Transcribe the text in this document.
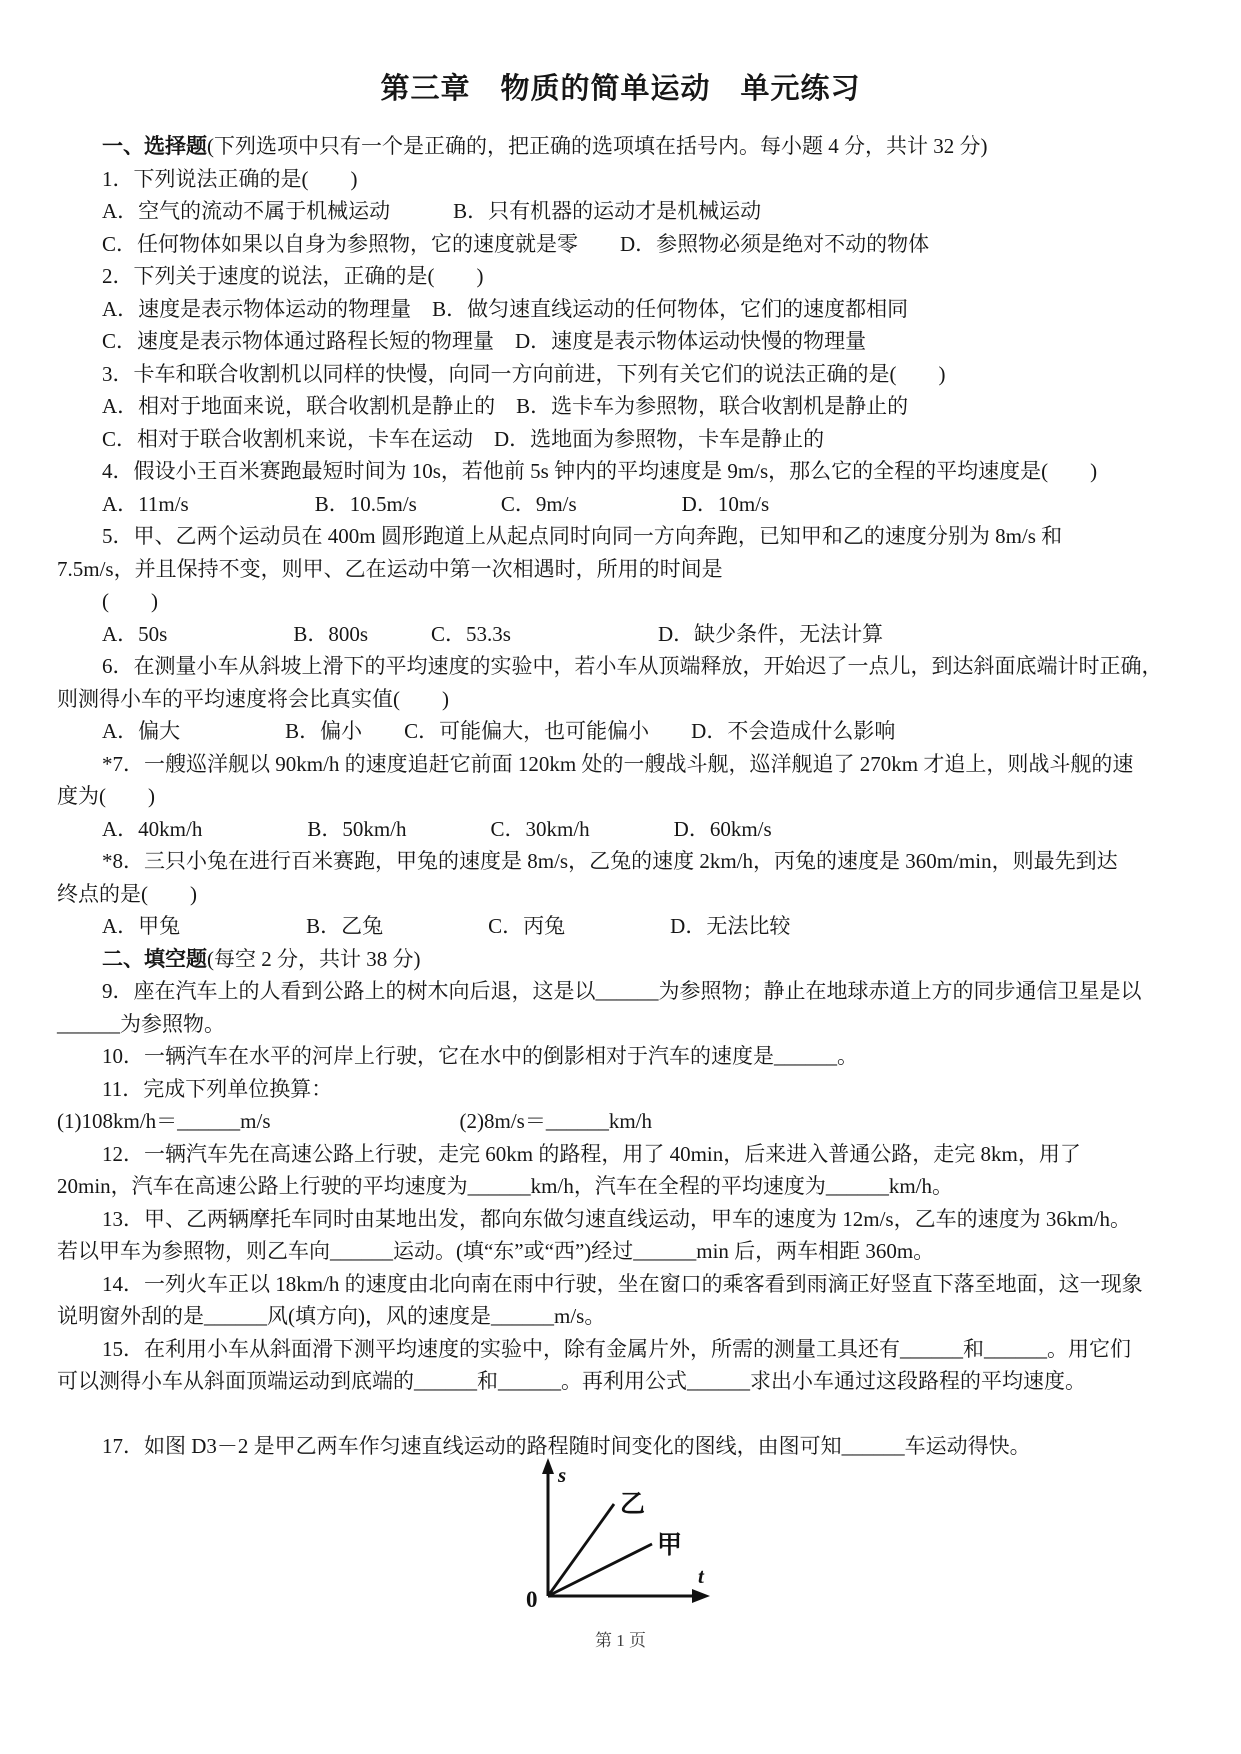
第三章　物质的简单运动　单元练习
一、选择题(下列选项中只有一个是正确的，把正确的选项填在括号内。每小题 4 分，共计 32 分)
1．下列说法正确的是(　　)
A．空气的流动不属于机械运动　　　B．只有机器的运动才是机械运动
C．任何物体如果以自身为参照物，它的速度就是零　　D．参照物必须是绝对不动的物体
2．下列关于速度的说法，正确的是(　　)
A．速度是表示物体运动的物理量　B．做匀速直线运动的任何物体，它们的速度都相同
C．速度是表示物体通过路程长短的物理量　D．速度是表示物体运动快慢的物理量
3．卡车和联合收割机以同样的快慢，向同一方向前进，下列有关它们的说法正确的是(　　)
A．相对于地面来说，联合收割机是静止的　B．选卡车为参照物，联合收割机是静止的
C．相对于联合收割机来说，卡车在运动　D．选地面为参照物，卡车是静止的
4．假设小王百米赛跑最短时间为 10s，若他前 5s 钟内的平均速度是 9m/s，那么它的全程的平均速度是(　　)
A．11m/s　　　　　　B．10.5m/s　　　　C．9m/s　　　　　D．10m/s
5．甲、乙两个运动员在 400m 圆形跑道上从起点同时向同一方向奔跑，已知甲和乙的速度分别为 8m/s 和
7.5m/s，并且保持不变，则甲、乙在运动中第一次相遇时，所用的时间是
(　　)
A．50s　　　　　　B．800s　　　C．53.3s　　　　　　　D．缺少条件，无法计算
6．在测量小车从斜坡上滑下的平均速度的实验中，若小车从顶端释放，开始迟了一点儿，到达斜面底端计时正确，
则测得小车的平均速度将会比真实值(　　)
A．偏大　　　　　B．偏小　　C．可能偏大，也可能偏小　　D．不会造成什么影响
*7．一艘巡洋舰以 90km/h 的速度追赶它前面 120km 处的一艘战斗舰，巡洋舰追了 270km 才追上，则战斗舰的速
度为(　　)
A．40km/h　　　　　B．50km/h　　　　C．30km/h　　　　D．60km/s
*8．三只小兔在进行百米赛跑，甲兔的速度是 8m/s，乙兔的速度 2km/h，丙兔的速度是 360m/min，则最先到达
终点的是(　　)
A．甲兔　　　　　　B．乙兔　　　　　C．丙兔　　　　　D．无法比较
二、填空题(每空 2 分，共计 38 分)
9．座在汽车上的人看到公路上的树木向后退，这是以______为参照物；静止在地球赤道上方的同步通信卫星是以
______为参照物。
10．一辆汽车在水平的河岸上行驶，它在水中的倒影相对于汽车的速度是______。
11．完成下列单位换算：
(1)108km/h＝______m/s　　　　　　　　　(2)8m/s＝______km/h
12．一辆汽车先在高速公路上行驶，走完 60km 的路程，用了 40min，后来进入普通公路，走完 8km，用了
20min，汽车在高速公路上行驶的平均速度为______km/h，汽车在全程的平均速度为______km/h。
13．甲、乙两辆摩托车同时由某地出发，都向东做匀速直线运动，甲车的速度为 12m/s，乙车的速度为 36km/h。
若以甲车为参照物，则乙车向______运动。(填“东”或“西”)经过______min 后，两车相距 360m。
14．一列火车正以 18km/h 的速度由北向南在雨中行驶，坐在窗口的乘客看到雨滴正好竖直下落至地面，这一现象
说明窗外刮的是______风(填方向)，风的速度是______m/s。
15．在利用小车从斜面滑下测平均速度的实验中，除有金属片外，所需的测量工具还有______和______。用它们
可以测得小车从斜面顶端运动到底端的______和______。再利用公式______求出小车通过这段路程的平均速度。
17．如图 D3－2 是甲乙两车作匀速直线运动的路程随时间变化的图线，由图可知______车运动得快。
s
t
0
乙
甲
第 1 页
